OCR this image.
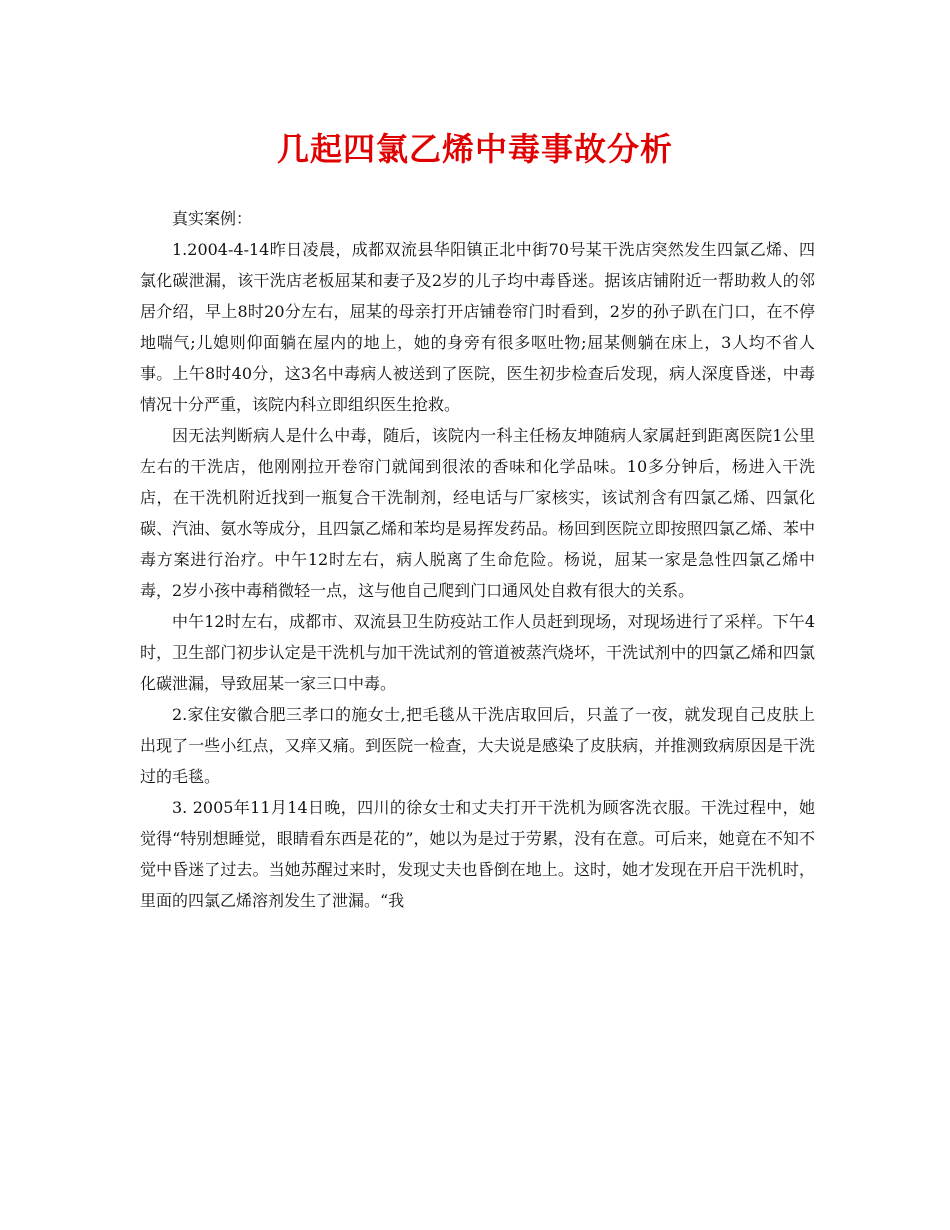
几起四氯乙烯中毒事故分析

真实案例：

1.2004-4-14昨日凌晨，成都双流县华阳镇正北中街70号某干洗店突然发生四氯乙烯、四氯化碳泄漏，该干洗店老板屈某和妻子及2岁的儿子均中毒昏迷。据该店铺附近一帮助救人的邻居介绍，早上8时20分左右，屈某的母亲打开店铺卷帘门时看到，2岁的孙子趴在门口，在不停地喘气;儿媳则仰面躺在屋内的地上，她的身旁有很多呕吐物;屈某侧躺在床上，3人均不省人事。上午8时40分，这3名中毒病人被送到了医院，医生初步检查后发现，病人深度昏迷，中毒情况十分严重，该院内科立即组织医生抢救。

因无法判断病人是什么中毒，随后，该院内一科主任杨友坤随病人家属赶到距离医院1公里左右的干洗店，他刚刚拉开卷帘门就闻到很浓的香味和化学品味。10多分钟后，杨进入干洗店，在干洗机附近找到一瓶复合干洗制剂，经电话与厂家核实，该试剂含有四氯乙烯、四氯化碳、汽油、氨水等成分，且四氯乙烯和苯均是易挥发药品。杨回到医院立即按照四氯乙烯、苯中毒方案进行治疗。中午12时左右，病人脱离了生命危险。杨说，屈某一家是急性四氯乙烯中毒，2岁小孩中毒稍微轻一点，这与他自己爬到门口通风处自救有很大的关系。

中午12时左右，成都市、双流县卫生防疫站工作人员赶到现场，对现场进行了采样。下午4时，卫生部门初步认定是干洗机与加干洗试剂的管道被蒸汽烧坏，干洗试剂中的四氯乙烯和四氯化碳泄漏，导致屈某一家三口中毒。

2.家住安徽合肥三孝口的施女士,把毛毯从干洗店取回后，只盖了一夜，就发现自己皮肤上出现了一些小红点，又痒又痛。到医院一检查，大夫说是感染了皮肤病，并推测致病原因是干洗过的毛毯。

3. 2005年11月14日晚，四川的徐女士和丈夫打开干洗机为顾客洗衣服。干洗过程中，她觉得“特别想睡觉，眼睛看东西是花的”，她以为是过于劳累，没有在意。可后来，她竟在不知不觉中昏迷了过去。当她苏醒过来时，发现丈夫也昏倒在地上。这时，她才发现在开启干洗机时，里面的四氯乙烯溶剂发生了泄漏。“我
